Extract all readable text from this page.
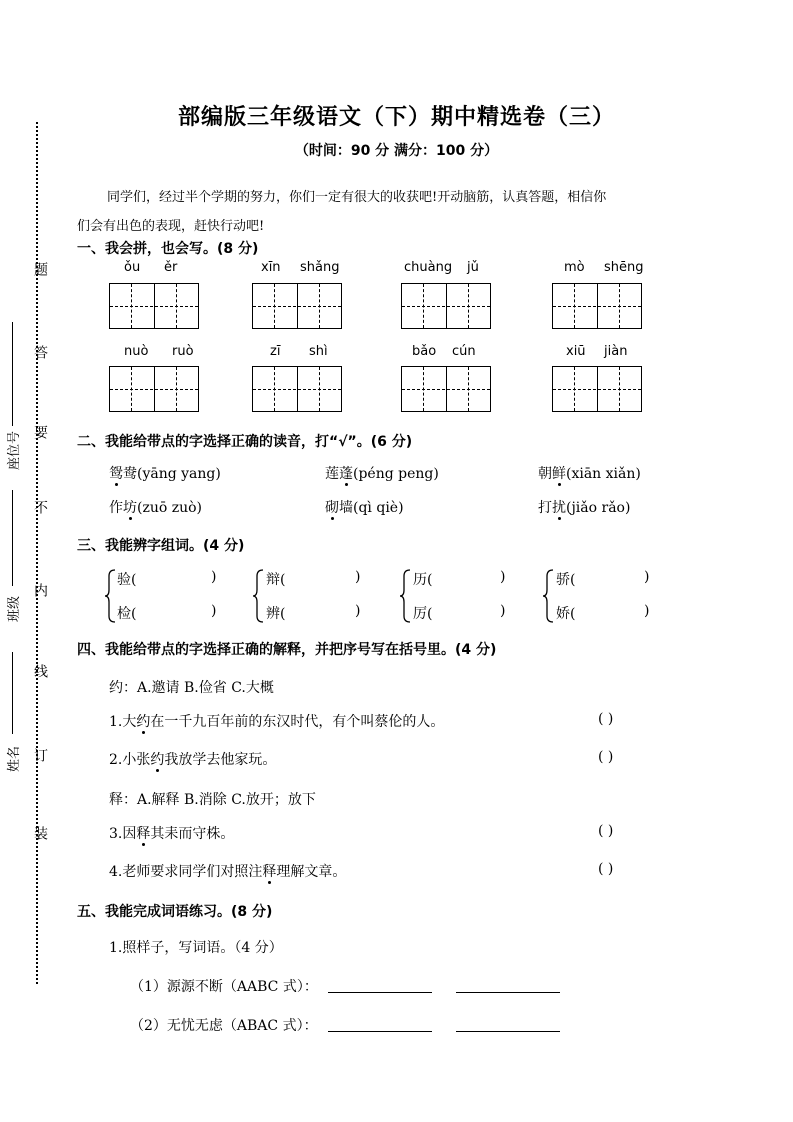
题
答
要
不
内
线
订
装
座位号
班级
姓名
部编版三年级语文（下）期中精选卷（三）
（时间：90 分 满分：100 分）
同学们，经过半个学期的努力，你们一定有很大的收获吧!开动脑筋，认真答题，相信你
们会有出色的表现，赶快行动吧!
一、我会拼，也会写。(8 分)
ǒu ěr	xīn shǎng	chuàng jǔ	mò shēng
nuò ruò	zī shì	bǎo cún	xiū jiàn
二、我能给带点的字选择正确的读音，打“√”。(6 分)
鸳鸯(yāng yang)	莲蓬(péng peng)	朝鲜(xiān xiǎn)
作坊(zuō zuò)	砌墙(qì qiè)	打扰(jiǎo rǎo)
三、我能辨字组词。(4 分)
验(	)
检(	)
辩(	)
辨(	)
历(	)
厉(	)
骄(	)
娇(	)
四、我能给带点的字选择正确的解释，并把序号写在括号里。(4 分)
约：A.邀请 B.俭省 C.大概
1.大约在一千九百年前的东汉时代，有个叫蔡伦的人。	( )
2.小张约我放学去他家玩。	( )
释：A.解释 B.消除 C.放开；放下
3.因释其耒而守株。	( )
4.老师要求同学们对照注释理解文章。	( )
五、我能完成词语练习。(8 分)
1.照样子，写词语。（4 分）
（1）源源不断（AABC 式）：
（2）无忧无虑（ABAC 式）：
